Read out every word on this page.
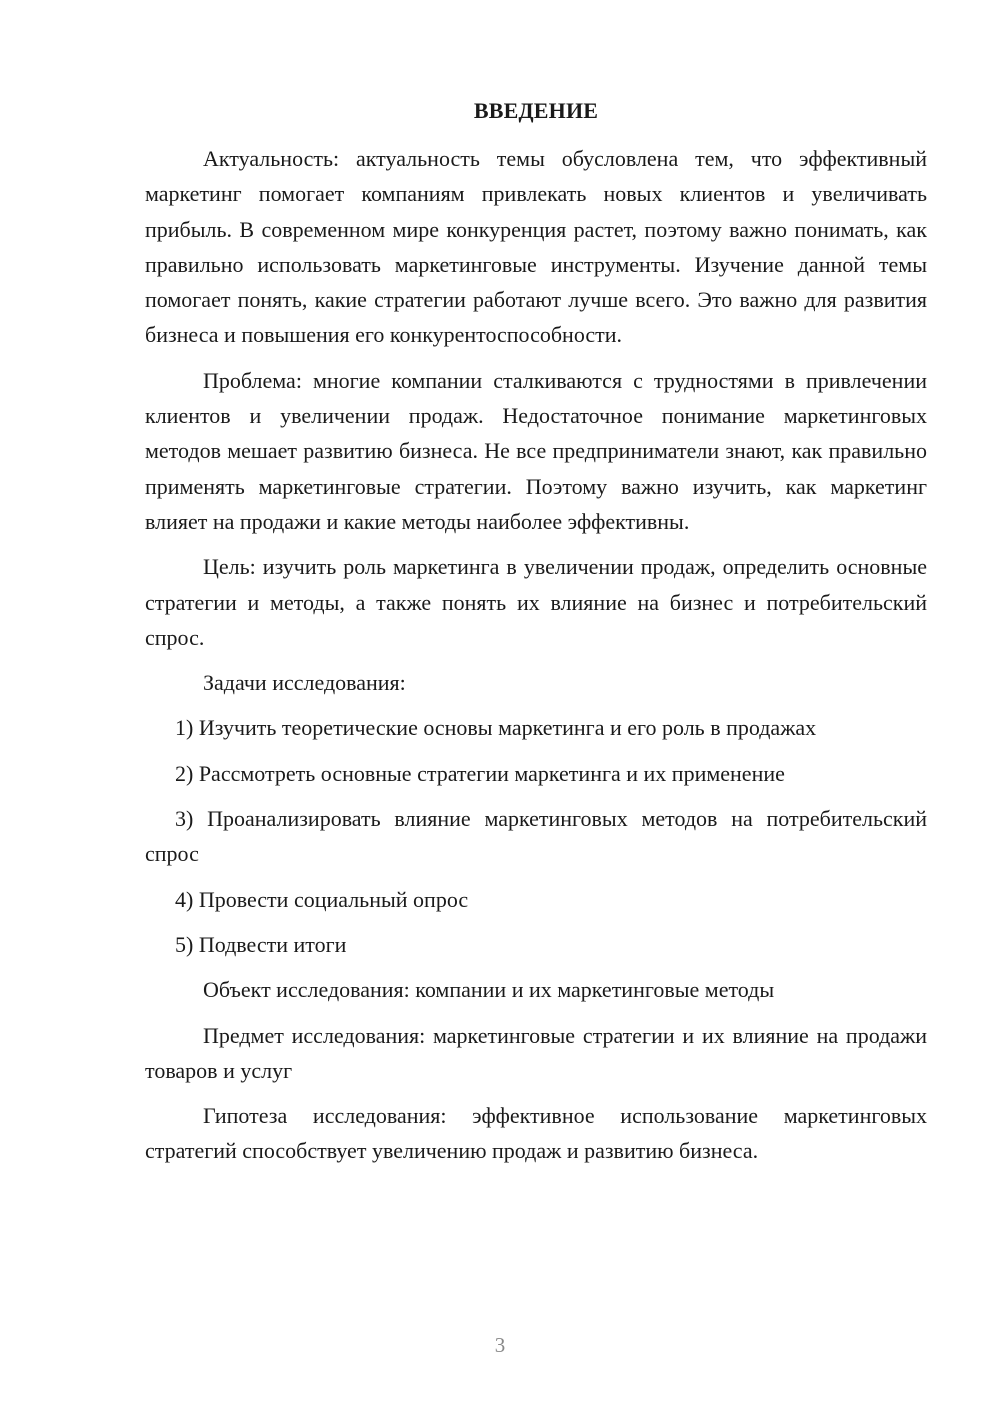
ВВЕДЕНИЕ

Актуальность: актуальность темы обусловлена тем, что эффективный маркетинг помогает компаниям привлекать новых клиентов и увеличивать прибыль. В современном мире конкуренция растет, поэтому важно понимать, как правильно использовать маркетинговые инструменты. Изучение данной темы помогает понять, какие стратегии работают лучше всего. Это важно для развития бизнеса и повышения его конкурентоспособности.

Проблема: многие компании сталкиваются с трудностями в привлечении клиентов и увеличении продаж. Недостаточное понимание маркетинговых методов мешает развитию бизнеса. Не все предприниматели знают, как правильно применять маркетинговые стратегии. Поэтому важно изучить, как маркетинг влияет на продажи и какие методы наиболее эффективны.

Цель: изучить роль маркетинга в увеличении продаж, определить основные стратегии и методы, а также понять их влияние на бизнес и потребительский спрос.

Задачи исследования:

1) Изучить теоретические основы маркетинга и его роль в продажах

2) Рассмотреть основные стратегии маркетинга и их применение

3) Проанализировать влияние маркетинговых методов на потребительский спрос

4) Провести социальный опрос

5) Подвести итоги

Объект исследования: компании и их маркетинговые методы

Предмет исследования: маркетинговые стратегии и их влияние на продажи товаров и услуг

Гипотеза исследования: эффективное использование маркетинговых стратегий способствует увеличению продаж и развитию бизнеса.

3
